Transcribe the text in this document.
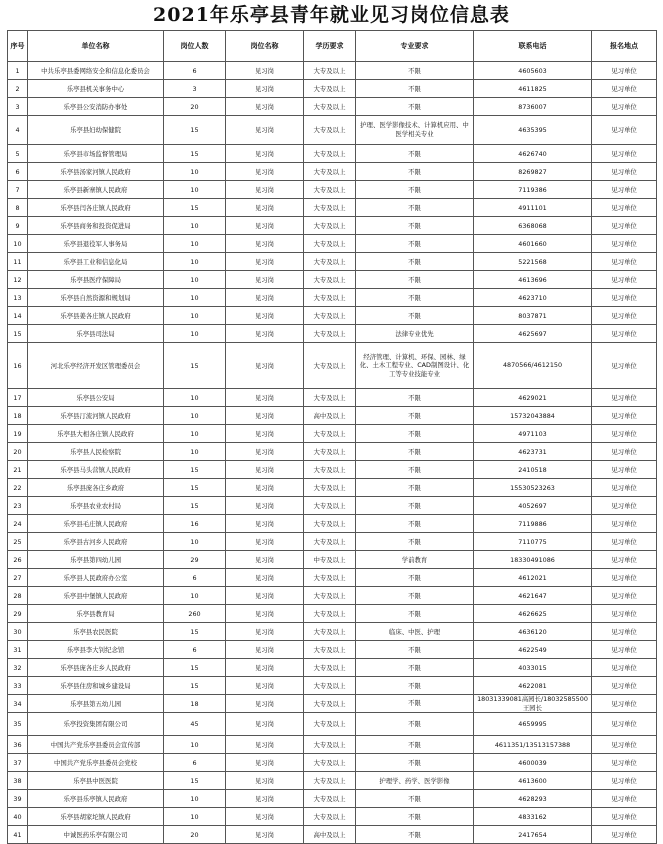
2021年乐亭县青年就业见习岗位信息表
序号	单位名称	岗位人数	岗位名称	学历要求	专业要求	联系电话	报名地点
1	中共乐亭县委网络安全和信息化委员会	6	见习岗	大专及以上	不限	4605603	见习单位
2	乐亭县机关事务中心	3	见习岗	大专及以上	不限	4611825	见习单位
3	乐亭县公安消防办事处	20	见习岗	大专及以上	不限	8736007	见习单位
4	乐亭县妇幼保健院	15	见习岗	大专及以上	护理、医学影像技术、计算机应用、中医学相关专业	4635395	见习单位
5	乐亭县市场监督管理局	15	见习岗	大专及以上	不限	4626740	见习单位
6	乐亭县汤家河镇人民政府	10	见习岗	大专及以上	不限	8269827	见习单位
7	乐亭县新寨镇人民政府	10	见习岗	大专及以上	不限	7119386	见习单位
8	乐亭县闫各庄镇人民政府	15	见习岗	大专及以上	不限	4911101	见习单位
9	乐亭县商务和投资促进局	10	见习岗	大专及以上	不限	6368068	见习单位
10	乐亭县退役军人事务局	10	见习岗	大专及以上	不限	4601660	见习单位
11	乐亭县工业和信息化局	10	见习岗	大专及以上	不限	5221568	见习单位
12	乐亭县医疗保障局	10	见习岗	大专及以上	不限	4613696	见习单位
13	乐亭县自然资源和规划局	10	见习岗	大专及以上	不限	4623710	见习单位
14	乐亭县姜各庄镇人民政府	10	见习岗	大专及以上	不限	8037871	见习单位
15	乐亭县司法局	10	见习岗	大专及以上	法律专业优先	4625697	见习单位
16	河北乐亭经济开发区管理委员会	15	见习岗	大专及以上	经济管理、计算机、环保、园林、绿化、土木工程专业、CAD制图设计、化工等专业技能专业	4870566/4612150	见习单位
17	乐亭县公安局	10	见习岗	大专及以上	不限	4629021	见习单位
18	乐亭县汀流河镇人民政府	10	见习岗	高中及以上	不限	15732043884	见习单位
19	乐亭县大相各庄镇人民政府	10	见习岗	大专及以上	不限	4971103	见习单位
20	乐亭县人民检察院	10	见习岗	大专及以上	不限	4623731	见习单位
21	乐亭县马头营镇人民政府	15	见习岗	大专及以上	不限	2410518	见习单位
22	乐亭县庞各庄乡政府	15	见习岗	大专及以上	不限	15530523263	见习单位
23	乐亭县农业农村局	15	见习岗	大专及以上	不限	4052697	见习单位
24	乐亭县毛庄镇人民政府	16	见习岗	大专及以上	不限	7119886	见习单位
25	乐亭县古河乡人民政府	10	见习岗	大专及以上	不限	7110775	见习单位
26	乐亭县第四幼儿园	29	见习岗	中专及以上	学前教育	18330491086	见习单位
27	乐亭县人民政府办公室	6	见习岗	大专及以上	不限	4612021	见习单位
28	乐亭县中堡镇人民政府	10	见习岗	大专及以上	不限	4621647	见习单位
29	乐亭县教育局	260	见习岗	大专及以上	不限	4626625	见习单位
30	乐亭县农民医院	15	见习岗	大专及以上	临床、中医、护理	4636120	见习单位
31	乐亭县李大钊纪念馆	6	见习岗	大专及以上	不限	4622549	见习单位
32	乐亭县庞各庄乡人民政府	15	见习岗	大专及以上	不限	4033015	见习单位
33	乐亭县住房和城乡建设局	15	见习岗	大专及以上	不限	4622081	见习单位
34	乐亭县第五幼儿园	18	见习岗	大专及以上	不限	18031339081高园长/18032585500王园长	见习单位
35	乐亭投资集团有限公司	45	见习岗	大专及以上	不限	4659995	见习单位
36	中国共产党乐亭县委员会宣传部	10	见习岗	大专及以上	不限	4611351/13513157388	见习单位
37	中国共产党乐亭县委员会党校	6	见习岗	大专及以上	不限	4600039	见习单位
38	乐亭县中医医院	15	见习岗	大专及以上	护理学、药学、医学影像	4613600	见习单位
39	乐亭县乐亭镇人民政府	10	见习岗	大专及以上	不限	4628293	见习单位
40	乐亭县胡家坨镇人民政府	10	见习岗	大专及以上	不限	4833162	见习单位
41	中诚医药乐亭有限公司	20	见习岗	高中及以上	不限	2417654	见习单位
